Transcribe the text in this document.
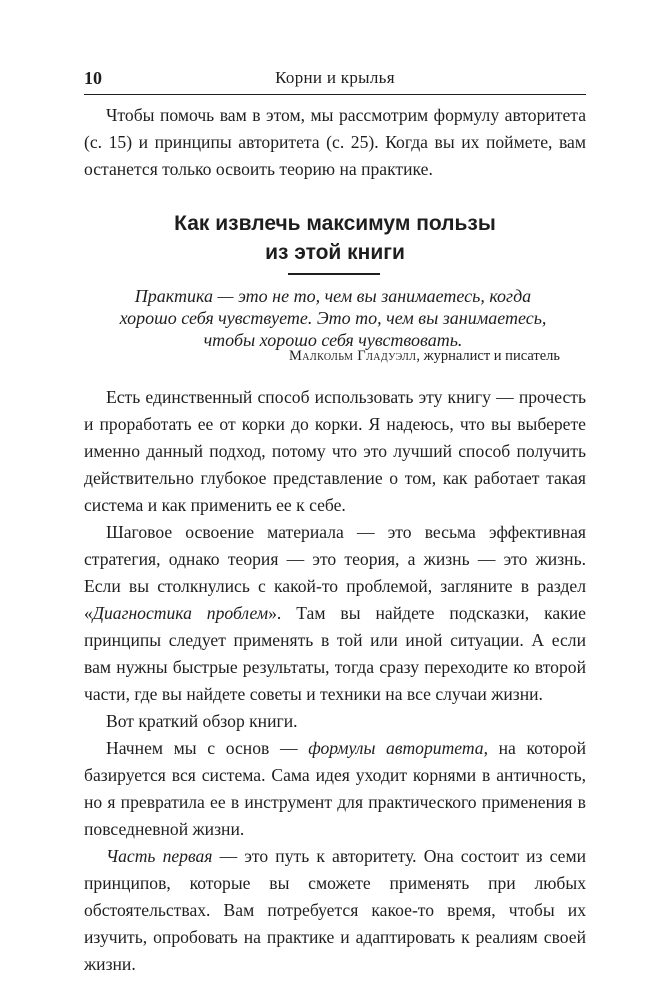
10	Корни и крылья

Чтобы помочь вам в этом, мы рассмотрим формулу авторитета (с. 15) и принципы авторитета (с. 25). Когда вы их поймете, вам останется только освоить теорию на практике.

Как извлечь максимум пользы
из этой книги
Практика — это не то, чем вы занимаетесь, когда хорошо себя чувствуете. Это то, чем вы занимаетесь, чтобы хорошо себя чувствовать.
Малкольм Гладуэлл, журналист и писатель

Есть единственный способ использовать эту книгу — прочесть и проработать ее от корки до корки. Я надеюсь, что вы выберете именно данный подход, потому что это лучший способ получить действительно глубокое представление о том, как работает такая система и как применить ее к себе.

Шаговое освоение материала — это весьма эффективная стратегия, однако теория — это теория, а жизнь — это жизнь. Если вы столкнулись с какой-то проблемой, загляните в раздел «Диагностика проблем». Там вы найдете подсказки, какие принципы следует применять в той или иной ситуации. А если вам нужны быстрые результаты, тогда сразу переходите ко второй части, где вы найдете советы и техники на все случаи жизни.

Вот краткий обзор книги.

Начнем мы с основ — формулы авторитета, на которой базируется вся система. Сама идея уходит корнями в античность, но я превратила ее в инструмент для практического применения в повседневной жизни.

Часть первая — это путь к авторитету. Она состоит из семи принципов, которые вы сможете применять при любых обстоятельствах. Вам потребуется какое-то время, чтобы их изучить, опробовать на практике и адаптировать к реалиям своей жизни.
